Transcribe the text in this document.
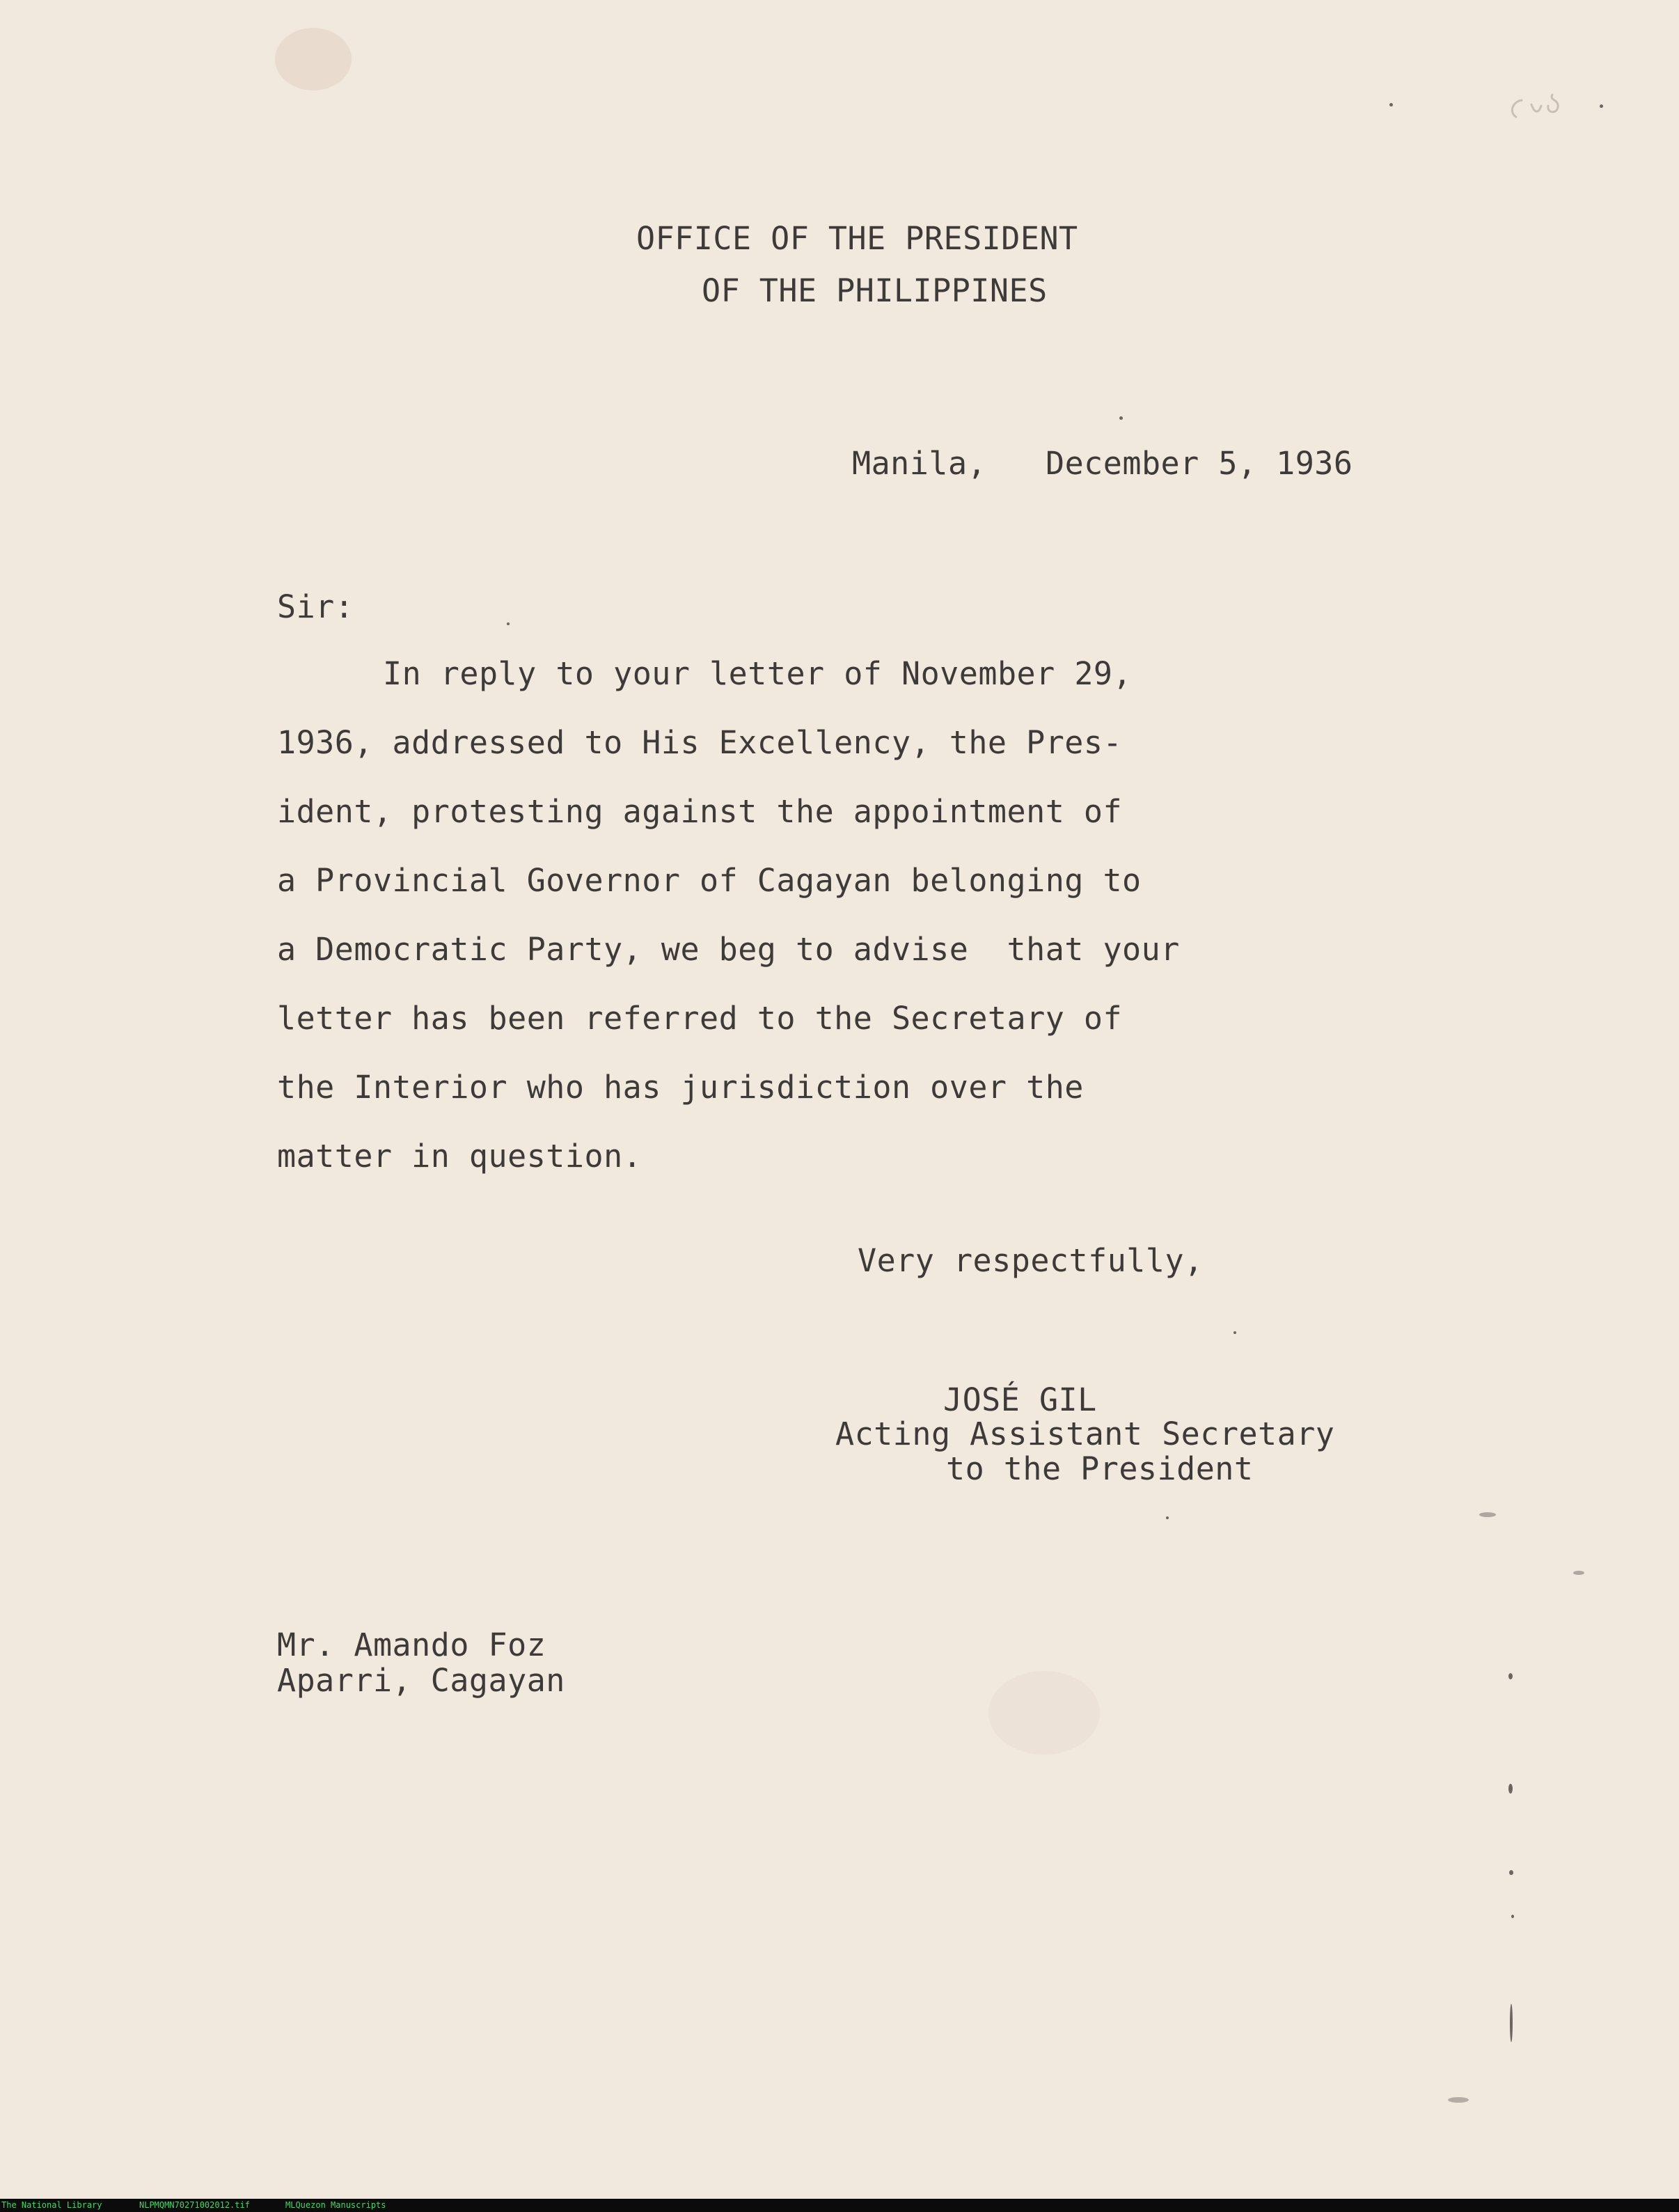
OFFICE OF THE PRESIDENT
OF THE PHILIPPINES
Manila, December 5, 1936
Sir:
In reply to your letter of November 29,
1936, addressed to His Excellency, the Pres-
ident, protesting against the appointment of
a Provincial Governor of Cagayan belonging to
a Democratic Party, we beg to advise  that your
letter has been referred to the Secretary of
the Interior who has jurisdiction over the
matter in question.
Very respectfully,
JOSÉ GIL
Acting Assistant Secretary
to the President
Mr. Amando Foz
Aparri, Cagayan
The National Library	NLPMQMN70271002012.tif	MLQuezon Manuscripts
